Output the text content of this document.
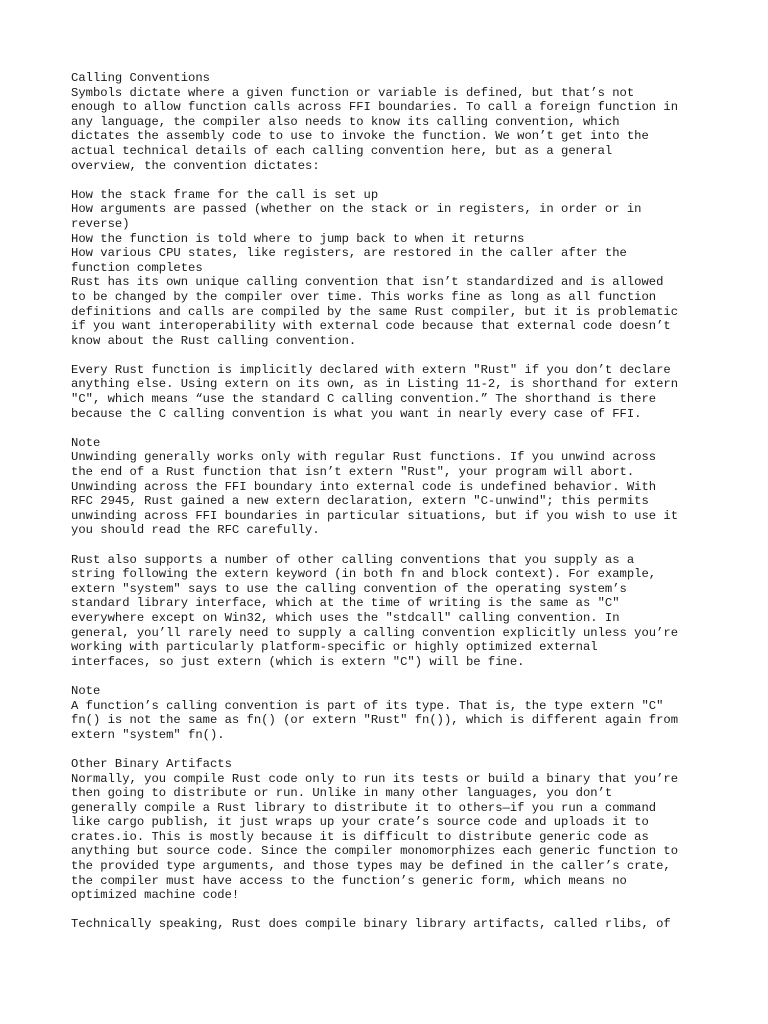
Calling Conventions
Symbols dictate where a given function or variable is defined, but that’s not
enough to allow function calls across FFI boundaries. To call a foreign function in
any language, the compiler also needs to know its calling convention, which
dictates the assembly code to use to invoke the function. We won’t get into the
actual technical details of each calling convention here, but as a general
overview, the convention dictates:
How the stack frame for the call is set up
How arguments are passed (whether on the stack or in registers, in order or in
reverse)
How the function is told where to jump back to when it returns
How various CPU states, like registers, are restored in the caller after the
function completes
Rust has its own unique calling convention that isn’t standardized and is allowed
to be changed by the compiler over time. This works fine as long as all function
definitions and calls are compiled by the same Rust compiler, but it is problematic
if you want interoperability with external code because that external code doesn’t
know about the Rust calling convention.
Every Rust function is implicitly declared with extern "Rust" if you don’t declare
anything else. Using extern on its own, as in Listing 11-2, is shorthand for extern
"C", which means “use the standard C calling convention.” The shorthand is there
because the C calling convention is what you want in nearly every case of FFI.
Note
Unwinding generally works only with regular Rust functions. If you unwind across
the end of a Rust function that isn’t extern "Rust", your program will abort.
Unwinding across the FFI boundary into external code is undefined behavior. With
RFC 2945, Rust gained a new extern declaration, extern "C-unwind"; this permits
unwinding across FFI boundaries in particular situations, but if you wish to use it
you should read the RFC carefully.
Rust also supports a number of other calling conventions that you supply as a
string following the extern keyword (in both fn and block context). For example,
extern "system" says to use the calling convention of the operating system’s
standard library interface, which at the time of writing is the same as "C"
everywhere except on Win32, which uses the "stdcall" calling convention. In
general, you’ll rarely need to supply a calling convention explicitly unless you’re
working with particularly platform-specific or highly optimized external
interfaces, so just extern (which is extern "C") will be fine.
Note
A function’s calling convention is part of its type. That is, the type extern "C"
fn() is not the same as fn() (or extern "Rust" fn()), which is different again from
extern "system" fn().
Other Binary Artifacts
Normally, you compile Rust code only to run its tests or build a binary that you’re
then going to distribute or run. Unlike in many other languages, you don’t
generally compile a Rust library to distribute it to others—if you run a command
like cargo publish, it just wraps up your crate’s source code and uploads it to
crates.io. This is mostly because it is difficult to distribute generic code as
anything but source code. Since the compiler monomorphizes each generic function to
the provided type arguments, and those types may be defined in the caller’s crate,
the compiler must have access to the function’s generic form, which means no
optimized machine code!
Technically speaking, Rust does compile binary library artifacts, called rlibs, of
